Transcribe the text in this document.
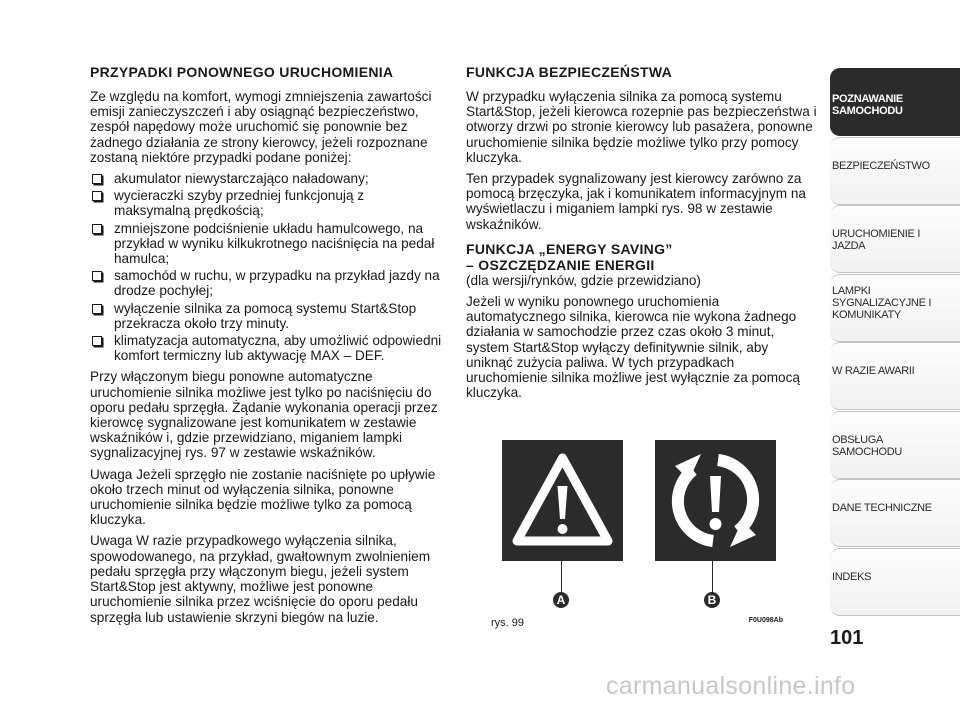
PRZYPADKI PONOWNEGO URUCHOMIENIA

Ze względu na komfort, wymogi zmniejszenia zawartości emisji zanieczyszczeń i aby osiągnąć bezpieczeństwo, zespół napędowy może uruchomić się ponownie bez żadnego działania ze strony kierowcy, jeżeli rozpoznane zostaną niektóre przypadki podane poniżej:

akumulator niewystarczająco naładowany;
wycieraczki szyby przedniej funkcjonują z maksymalną prędkością;
zmniejszone podciśnienie układu hamulcowego, na przykład w wyniku kilkukrotnego naciśnięcia na pedał hamulca;
samochód w ruchu, w przypadku na przykład jazdy na drodze pochyłej;
wyłączenie silnika za pomocą systemu Start&Stop przekracza około trzy minuty.
klimatyzacja automatyczna, aby umożliwić odpowiedni komfort termiczny lub aktywację MAX – DEF.

Przy włączonym biegu ponowne automatyczne uruchomienie silnika możliwe jest tylko po naciśnięciu do oporu pedału sprzęgła. Żądanie wykonania operacji przez kierowcę sygnalizowane jest komunikatem w zestawie wskaźników i, gdzie przewidziano, miganiem lampki sygnalizacyjnej rys. 97 w zestawie wskaźników.

Uwaga Jeżeli sprzęgło nie zostanie naciśnięte po upływie około trzech minut od wyłączenia silnika, ponowne uruchomienie silnika będzie możliwe tylko za pomocą kluczyka.

Uwaga W razie przypadkowego wyłączenia silnika, spowodowanego, na przykład, gwałtownym zwolnieniem pedału sprzęgła przy włączonym biegu, jeżeli system Start&Stop jest aktywny, możliwe jest ponowne uruchomienie silnika przez wciśnięcie do oporu pedału sprzęgła lub ustawienie skrzyni biegów na luzie.

FUNKCJA BEZPIECZEŃSTWA

W przypadku wyłączenia silnika za pomocą systemu Start&Stop, jeżeli kierowca rozepnie pas bezpieczeństwa i otworzy drzwi po stronie kierowcy lub pasażera, ponowne uruchomienie silnika będzie możliwe tylko przy pomocy kluczyka.

Ten przypadek sygnalizowany jest kierowcy zarówno za pomocą brzęczyka, jak i komunikatem informacyjnym na wyświetlaczu i miganiem lampki rys. 98 w zestawie wskaźników.

FUNKCJA „ENERGY SAVING”
– OSZCZĘDZANIE ENERGII

(dla wersji/rynków, gdzie przewidziano)

Jeżeli w wyniku ponownego uruchomienia automatycznego silnika, kierowca nie wykona żadnego działania w samochodzie przez czas około 3 minut, system Start&Stop wyłączy definitywnie silnik, aby uniknąć zużycia paliwa. W tych przypadkach uruchomienie silnika możliwe jest wyłącznie za pomocą kluczyka.

A	B
rys. 99	F0U098Ab
POZNAWANIE SAMOCHODU
BEZPIECZEŃSTWO
URUCHOMIENIE I JAZDA
LAMPKI SYGNALIZACYJNE I KOMUNIKATY
W RAZIE AWARII
OBSŁUGA SAMOCHODU
DANE TECHNICZNE
INDEKS
101
carmanualsonline.info
